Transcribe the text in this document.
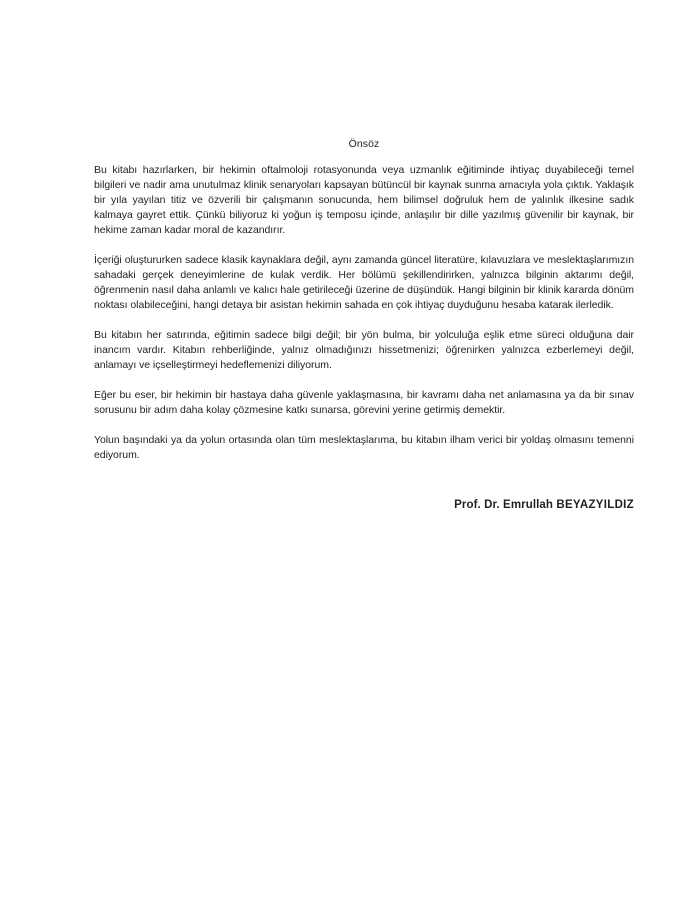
Önsöz

Bu kitabı hazırlarken, bir hekimin oftalmoloji rotasyonunda veya uzmanlık eğitiminde ihtiyaç duyabileceği temel bilgileri ve nadir ama unutulmaz klinik senaryoları kapsayan bütüncül bir kaynak sunma amacıyla yola çıktık. Yaklaşık bir yıla yayılan titiz ve özverili bir çalışmanın sonucunda, hem bilimsel doğruluk hem de yalınlık ilkesine sadık kalmaya gayret ettik. Çünkü biliyoruz ki yoğun iş temposu içinde, anlaşılır bir dille yazılmış güvenilir bir kaynak, bir hekime zaman kadar moral de kazandırır.

İçeriği oluştururken sadece klasik kaynaklara değil, aynı zamanda güncel literatüre, kılavuzlara ve meslektaşlarımızın sahadaki gerçek deneyimlerine de kulak verdik. Her bölümü şekillendirirken, yalnızca bilginin aktarımı değil, öğrenmenin nasıl daha anlamlı ve kalıcı hale getirileceği üzerine de düşündük. Hangi bilginin bir klinik kararda dönüm noktası olabileceğini, hangi detaya bir asistan hekimin sahada en çok ihtiyaç duyduğunu hesaba katarak ilerledik.

Bu kitabın her satırında, eğitimin sadece bilgi değil; bir yön bulma, bir yolculuğa eşlik etme süreci olduğuna dair inancım vardır. Kitabın rehberliğinde, yalnız olmadığınızı hissetmenizi; öğrenirken yalnızca ezberlemeyi değil, anlamayı ve içselleştirmeyi hedeflemenizi diliyorum.

Eğer bu eser, bir hekimin bir hastaya daha güvenle yaklaşmasına, bir kavramı daha net anlamasına ya da bir sınav sorusunu bir adım daha kolay çözmesine katkı sunarsa, görevini yerine getirmiş demektir.

Yolun başındaki ya da yolun ortasında olan tüm meslektaşlarıma, bu kitabın ilham verici bir yoldaş olmasını temenni ediyorum.

Prof. Dr. Emrullah BEYAZYILDIZ
